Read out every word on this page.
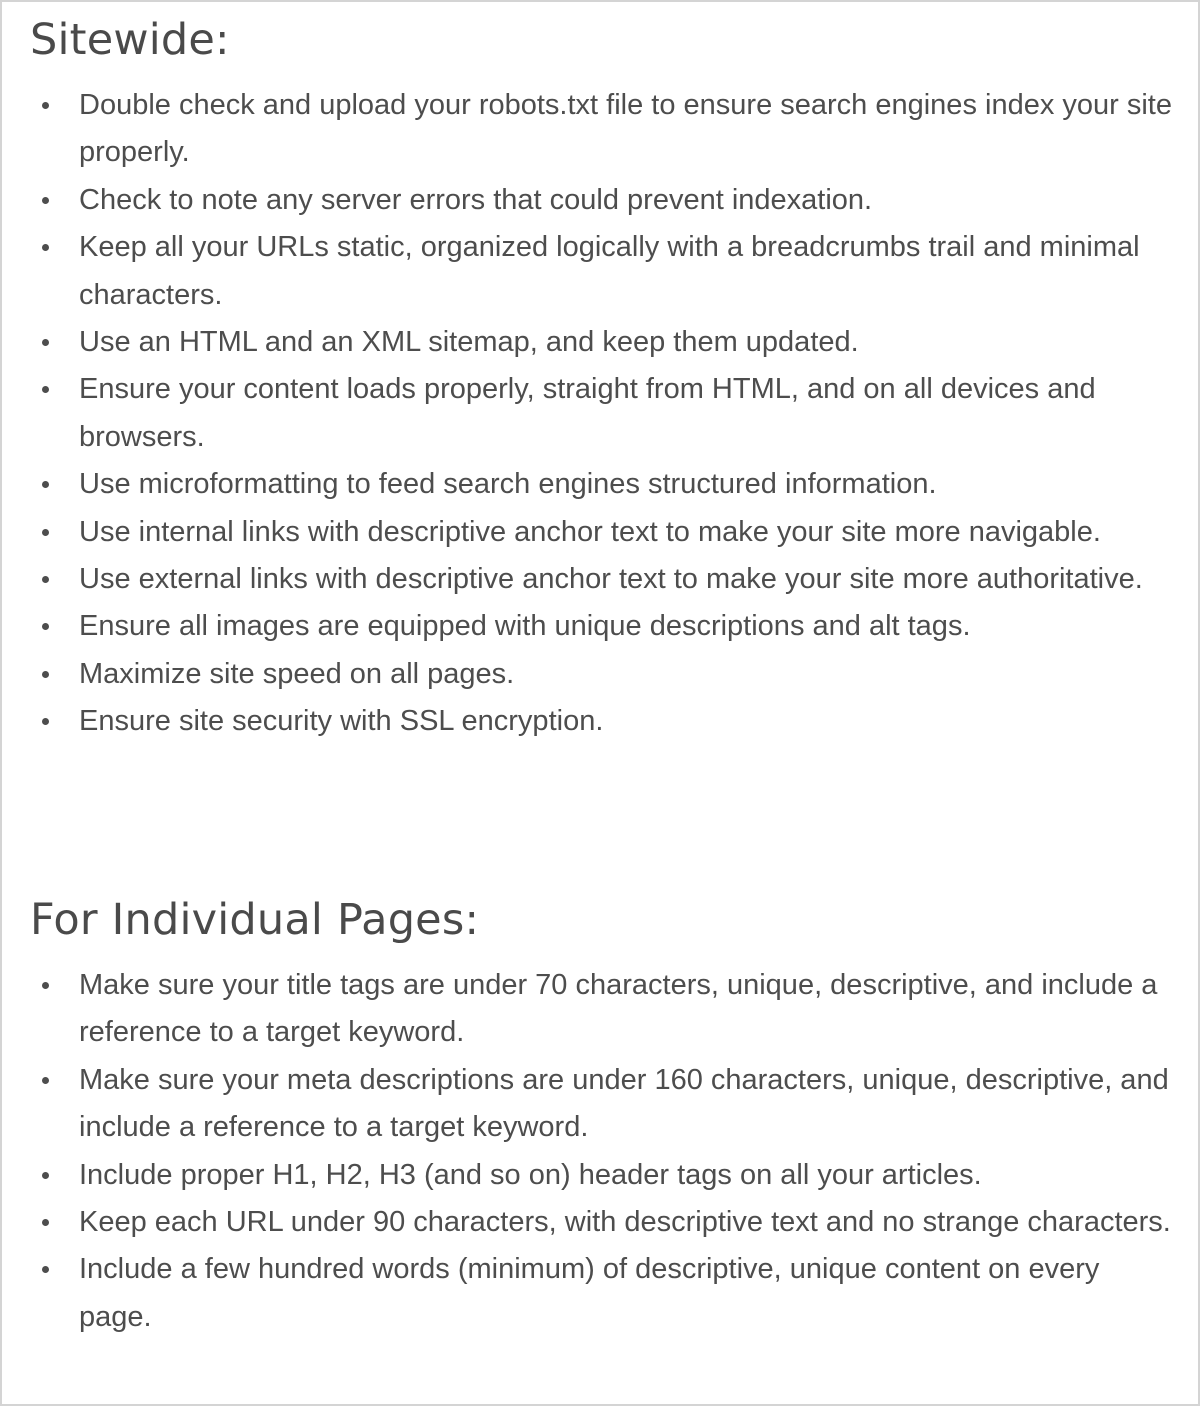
Sitewide:
Double check and upload your robots.txt file to ensure search engines index your site properly.
Check to note any server errors that could prevent indexation.
Keep all your URLs static, organized logically with a breadcrumbs trail and minimal characters.
Use an HTML and an XML sitemap, and keep them updated.
Ensure your content loads properly, straight from HTML, and on all devices and browsers.
Use microformatting to feed search engines structured information.
Use internal links with descriptive anchor text to make your site more navigable.
Use external links with descriptive anchor text to make your site more authoritative.
Ensure all images are equipped with unique descriptions and alt tags.
Maximize site speed on all pages.
Ensure site security with SSL encryption.
For Individual Pages:
Make sure your title tags are under 70 characters, unique, descriptive, and include a reference to a target keyword.
Make sure your meta descriptions are under 160 characters, unique, descriptive, and include a reference to a target keyword.
Include proper H1, H2, H3 (and so on) header tags on all your articles.
Keep each URL under 90 characters, with descriptive text and no strange characters.
Include a few hundred words (minimum) of descriptive, unique content on every page.
